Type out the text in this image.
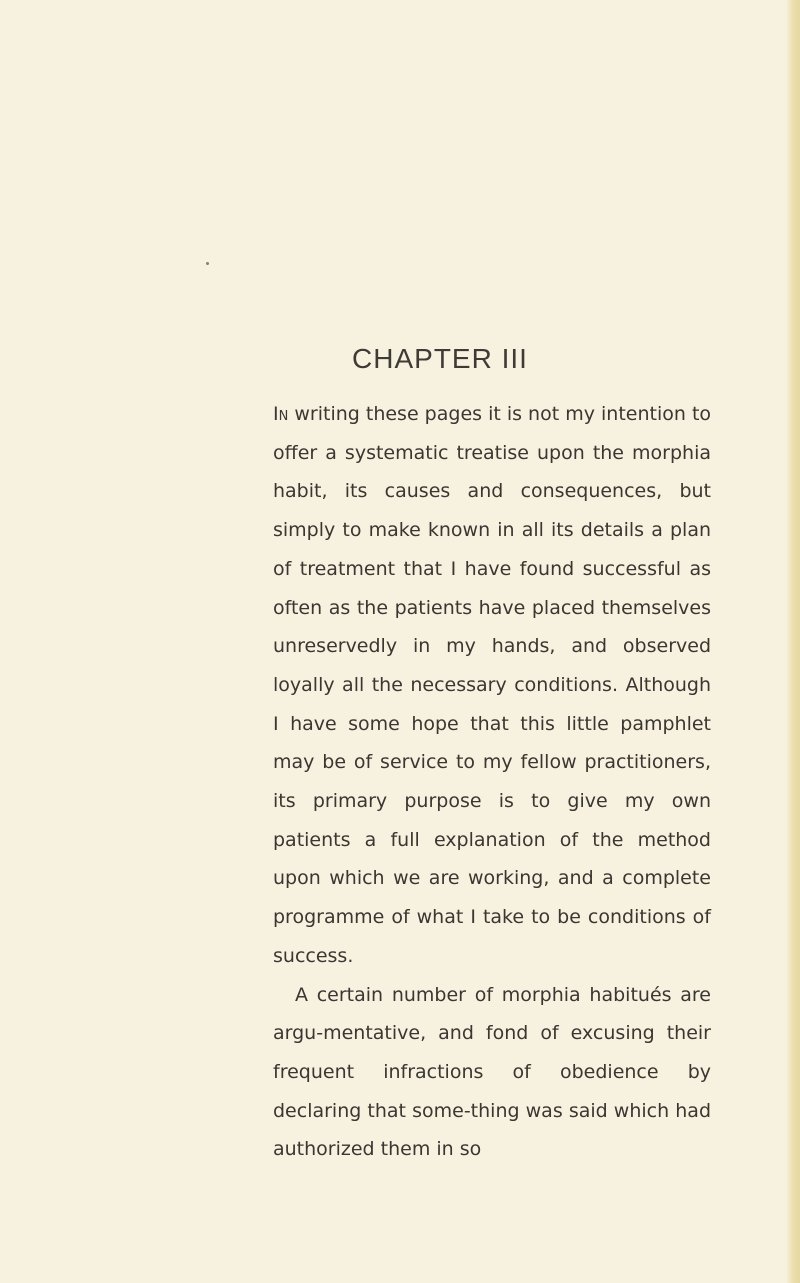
CHAPTER III

In writing these pages it is not my intention to offer a systematic treatise upon the morphia habit, its causes and consequences, but simply to make known in all its details a plan of treatment that I have found successful as often as the patients have placed themselves unreservedly in my hands, and observed loyally all the necessary conditions. Although I have some hope that this little pamphlet may be of service to my fellow practitioners, its primary purpose is to give my own patients a full explanation of the method upon which we are working, and a complete programme of what I take to be conditions of success.

A certain number of morphia habitués are argu-mentative, and fond of excusing their frequent infractions of obedience by declaring that some-thing was said which had authorized them in so
